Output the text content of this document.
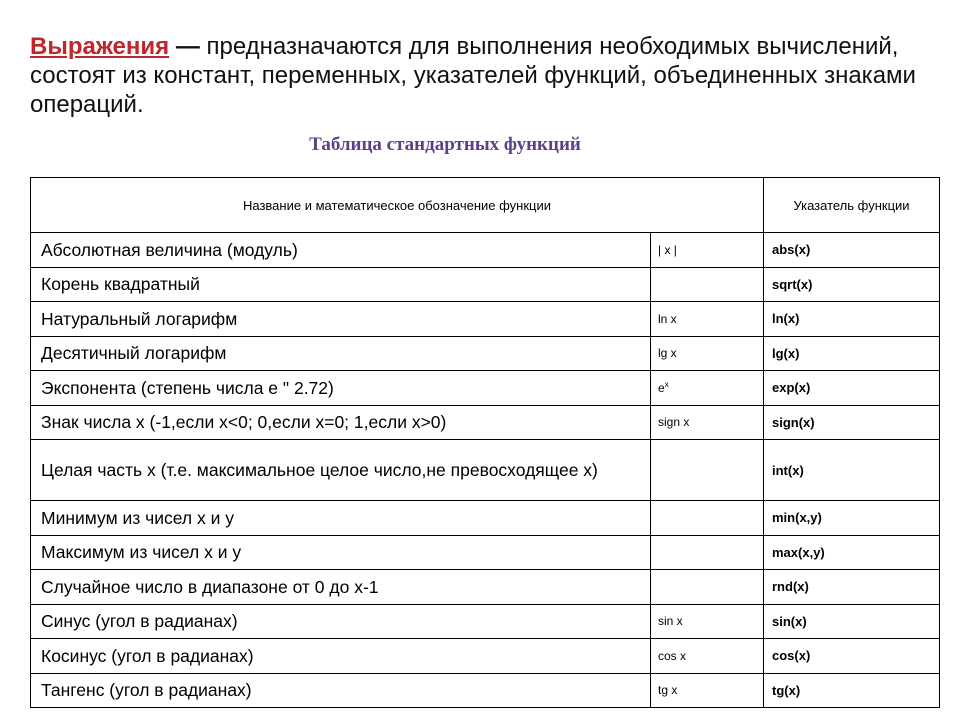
Выражения — предназначаются для выполнения необходимых вычислений, состоят из констант, переменных, указателей функций, объединенных знаками операций.
Таблица стандартных функций
Название и математическое обозначение функции		Указатель функции
Абсолютная величина (модуль)	| x |	abs(x)
Корень квадратный		sqrt(x)
Натуральный логарифм	ln x	ln(x)
Десятичный логарифм	lg x	lg(x)
Экспонента (степень числа е " 2.72)	$e^x$	exp(x)
Знак числа x (-1,если x<0; 0,если x=0; 1,если x>0)	sign x	sign(x)
Целая часть x (т.е. максимальное целое число,не превосходящее x)		int(x)
Минимум из чисел x и y		min(x,y)
Максимум из чисел x и y		max(x,y)
Случайное число в диапазоне от 0 до x-1		rnd(x)
Синус (угол в радианах)	sin x	sin(x)
Косинус (угол в радианах)	cos x	cos(x)
Тангенс (угол в радианах)	tg x	tg(x)
